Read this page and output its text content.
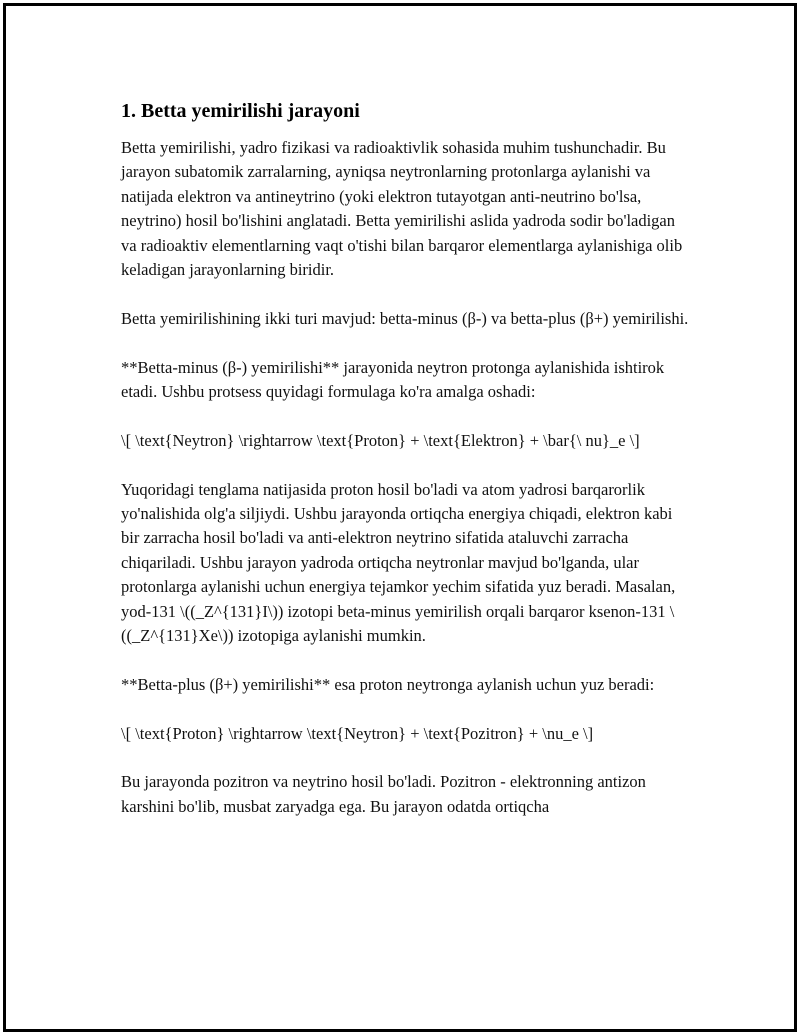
1. Betta yemirilishi jarayoni

Betta yemirilishi, yadro fizikasi va radioaktivlik sohasida muhim tushunchadir. Bu jarayon subatomik zarralarning, ayniqsa neytronlarning protonlarga aylanishi va natijada elektron va antineytrino (yoki elektron tutayotgan anti-neutrino bo'lsa, neytrino) hosil bo'lishini anglatadi. Betta yemirilishi aslida yadroda sodir bo'ladigan va radioaktiv elementlarning vaqt o'tishi bilan barqaror elementlarga aylanishiga olib keladigan jarayonlarning biridir.

Betta yemirilishining ikki turi mavjud: betta-minus (β-) va betta-plus (β+) yemirilishi.

**Betta-minus (β-) yemirilishi** jarayonida neytron protonga aylanishida ishtirok etadi. Ushbu protsess quyidagi formulaga ko'ra amalga oshadi:

\[ \text{Neytron} \rightarrow \text{Proton} + \text{Elektron} + \bar{\ nu}_e \]

Yuqoridagi tenglama natijasida proton hosil bo'ladi va atom yadrosi barqarorlik yo'nalishida olg'a siljiydi. Ushbu jarayonda ortiqcha energiya chiqadi, elektron kabi bir zarracha hosil bo'ladi va anti-elektron neytrino sifatida ataluvchi zarracha chiqariladi. Ushbu jarayon yadroda ortiqcha neytronlar mavjud bo'lganda, ular protonlarga aylanishi uchun energiya tejamkor yechim sifatida yuz beradi. Masalan, yod-131 \((_Z^{131}I\)) izotopi beta-minus yemirilish orqali barqaror ksenon-131 \((_Z^{131}Xe\)) izotopiga aylanishi mumkin.

**Betta-plus (β+) yemirilishi** esa proton neytronga aylanish uchun yuz beradi:

\[ \text{Proton} \rightarrow \text{Neytron} + \text{Pozitron} + \nu_e \]

Bu jarayonda pozitron va neytrino hosil bo'ladi. Pozitron - elektronning antizon karshini bo'lib, musbat zaryadga ega. Bu jarayon odatda ortiqcha
